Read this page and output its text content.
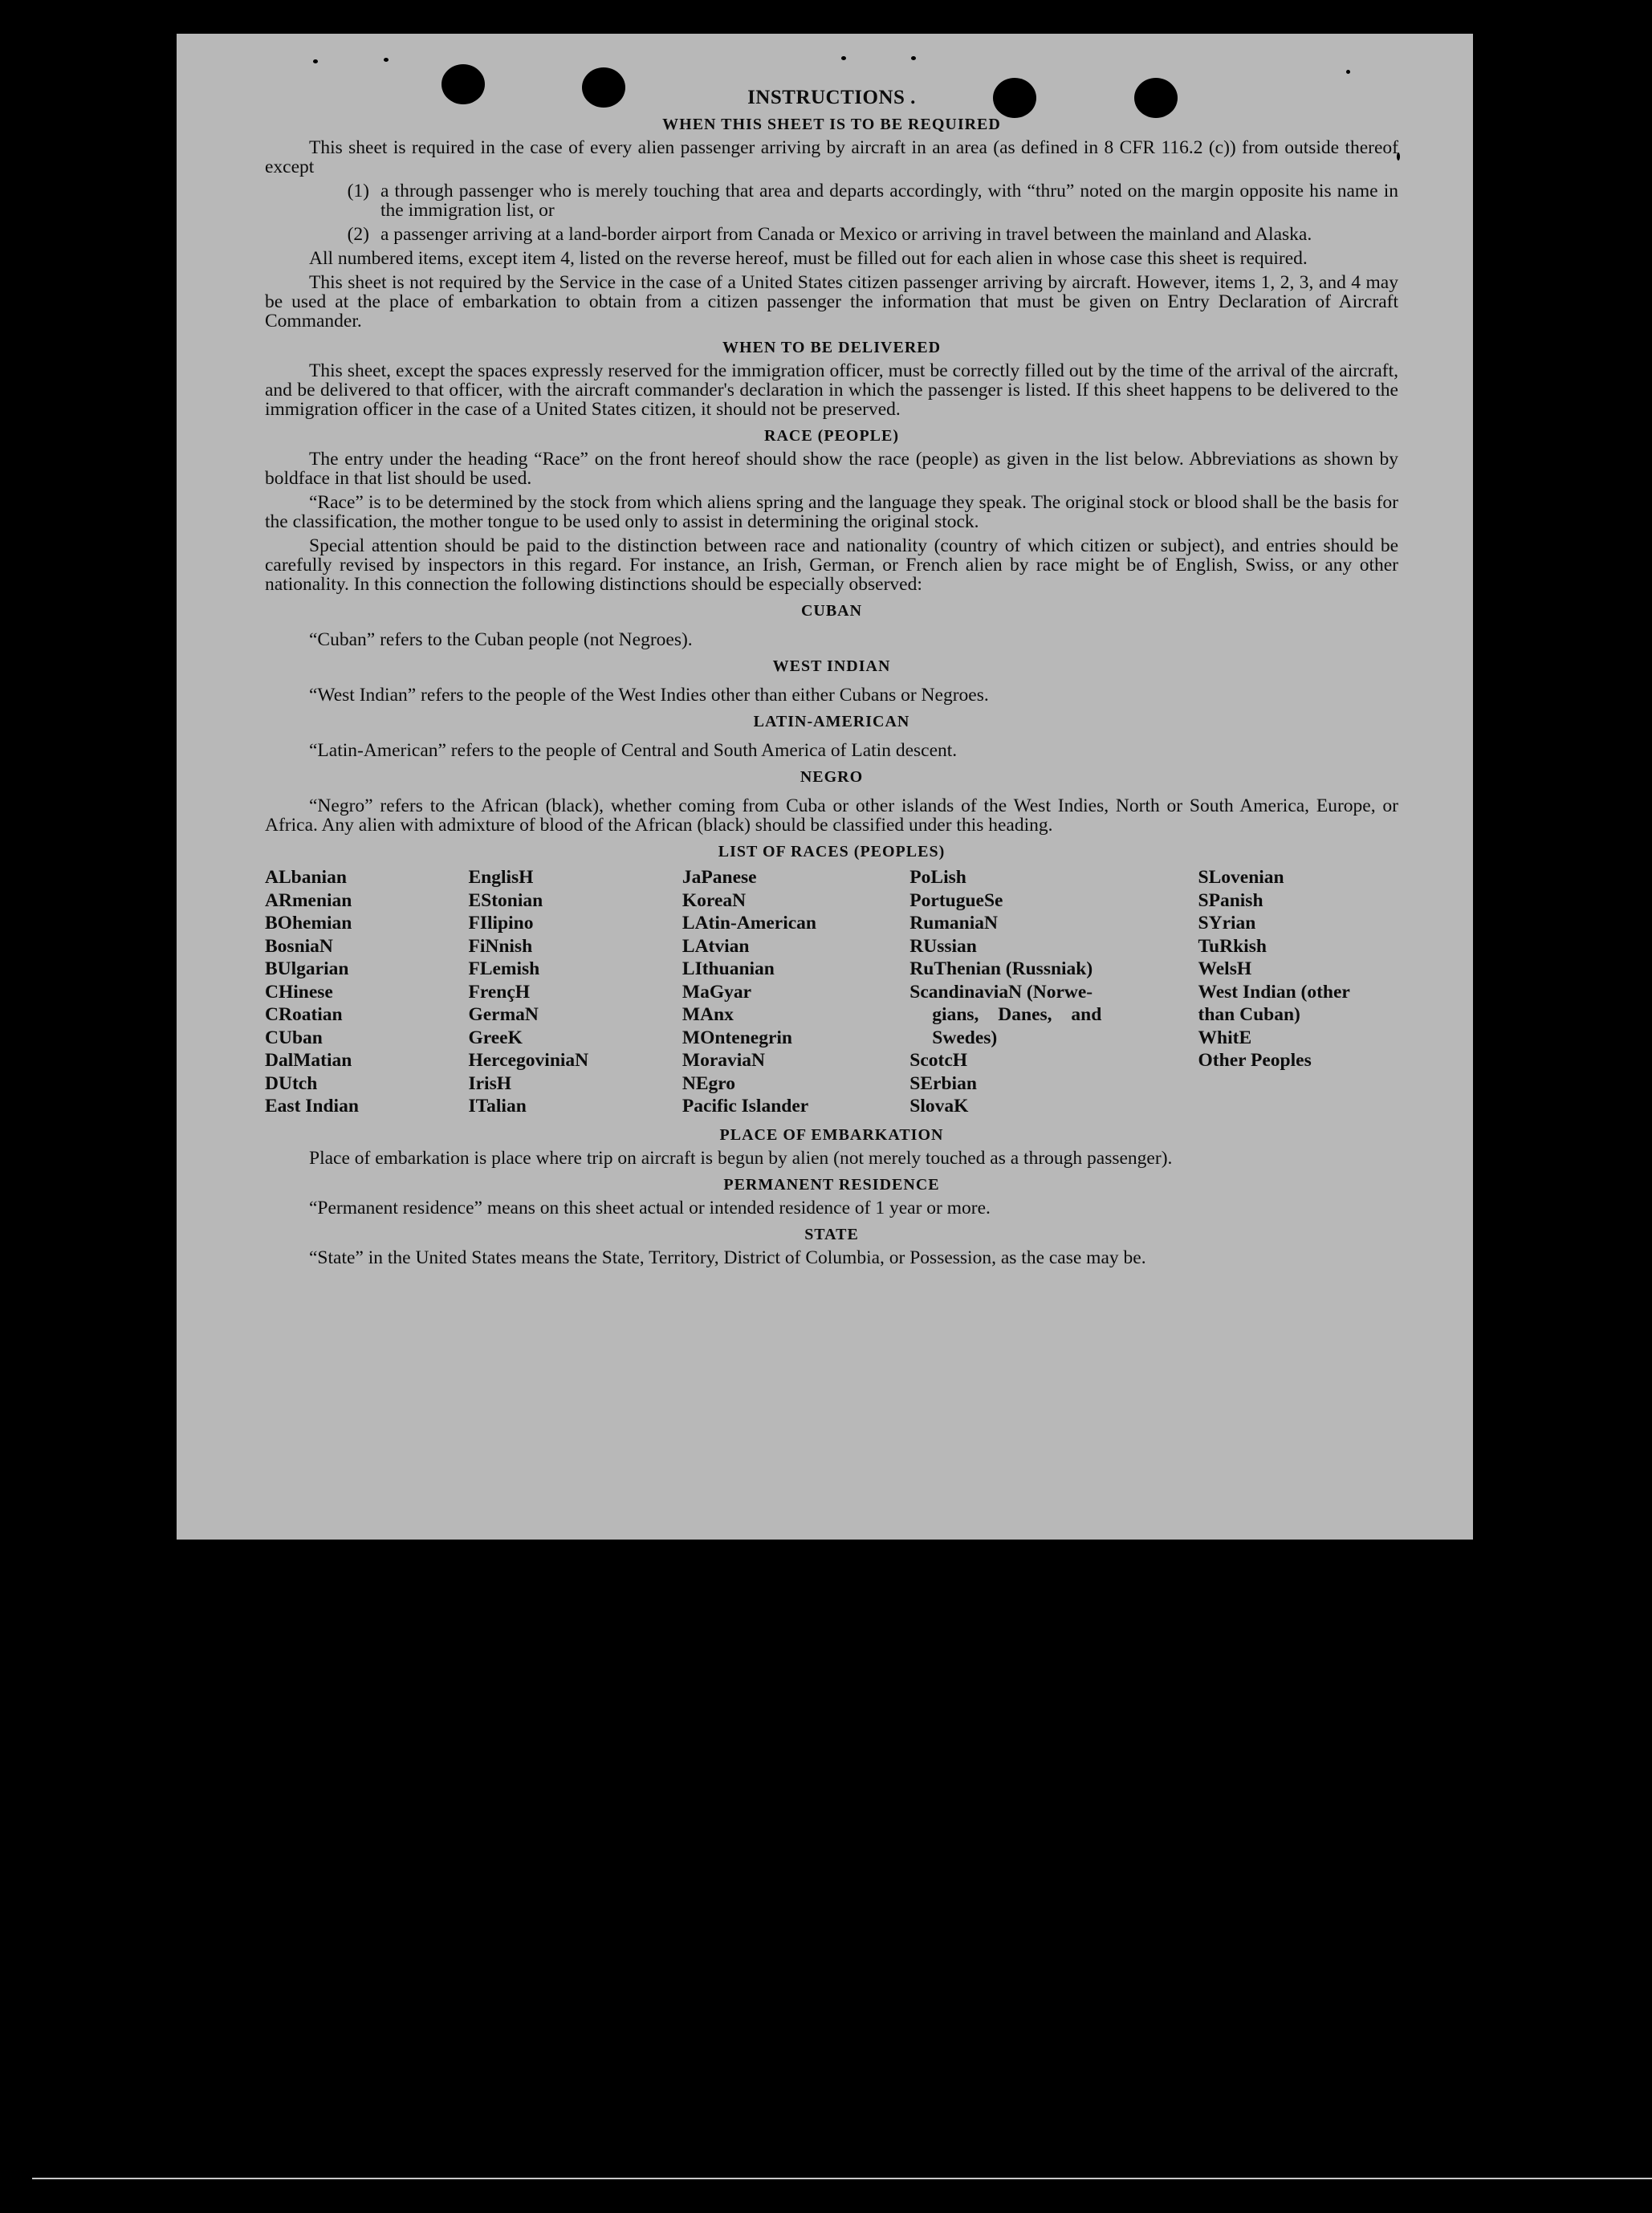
INSTRUCTIONS .
WHEN THIS SHEET IS TO BE REQUIRED

This sheet is required in the case of every alien passenger arriving by aircraft in an area (as defined in 8 CFR 116.2 (c)) from outside thereof except

(1) a through passenger who is merely touching that area and departs accordingly, with “thru” noted on the margin opposite his name in the immigration list, or
(2) a passenger arriving at a land-border airport from Canada or Mexico or arriving in travel between the mainland and Alaska.

All numbered items, except item 4, listed on the reverse hereof, must be filled out for each alien in whose case this sheet is required.

This sheet is not required by the Service in the case of a United States citizen passenger arriving by aircraft. However, items 1, 2, 3, and 4 may be used at the place of embarkation to obtain from a citizen passenger the information that must be given on Entry Declaration of Aircraft Commander.

WHEN TO BE DELIVERED

This sheet, except the spaces expressly reserved for the immigration officer, must be correctly filled out by the time of the arrival of the aircraft, and be delivered to that officer, with the aircraft commander's declaration in which the passenger is listed. If this sheet happens to be delivered to the immigration officer in the case of a United States citizen, it should not be preserved.

RACE (PEOPLE)

The entry under the heading “Race” on the front hereof should show the race (people) as given in the list below. Abbreviations as shown by boldface in that list should be used.

“Race” is to be determined by the stock from which aliens spring and the language they speak. The original stock or blood shall be the basis for the classification, the mother tongue to be used only to assist in determining the original stock.

Special attention should be paid to the distinction between race and nationality (country of which citizen or subject), and entries should be carefully revised by inspectors in this regard. For instance, an Irish, German, or French alien by race might be of English, Swiss, or any other nationality. In this connection the following distinctions should be especially observed:

CUBAN

“Cuban” refers to the Cuban people (not Negroes).

WEST INDIAN

“West Indian” refers to the people of the West Indies other than either Cubans or Negroes.

LATIN-AMERICAN

“Latin-American” refers to the people of Central and South America of Latin descent.

NEGRO

“Negro” refers to the African (black), whether coming from Cuba or other islands of the West Indies, North or South America, Europe, or Africa. Any alien with admixture of blood of the African (black) should be classified under this heading.

LIST OF RACES (PEOPLES)
ALbanian
ARmenian
BOhemian
BosniaN
BUlgarian
CHinese
CRoatian
CUban
DalMatian
DUtch
East Indian
EnglisH
EStonian
FIlipino
FiNnish
FLemish
FrençH
GermaN
GreeK
HercegoviniaN
IrisH
ITalian
JaPanese
KoreaN
LAtin-American
LAtvian
LIthuanian
MaGyar
MAnx
MOntenegrin
MoraviaN
NEgro
Pacific Islander
PoLish
PortugueSe
RumaniaN
RUssian
RuThenian (Russniak)
ScandinaviaN (Norwe-
gians, Danes, and
Swedes)
ScotcH
SErbian
SlovaK
SLovenian
SPanish
SYrian
TuRkish
WelsH
West Indian (other
than Cuban)
WhitE
Other Peoples
PLACE OF EMBARKATION

Place of embarkation is place where trip on aircraft is begun by alien (not merely touched as a through passenger).

PERMANENT RESIDENCE

“Permanent residence” means on this sheet actual or intended residence of 1 year or more.

STATE

“State” in the United States means the State, Territory, District of Columbia, or Possession, as the case may be.
